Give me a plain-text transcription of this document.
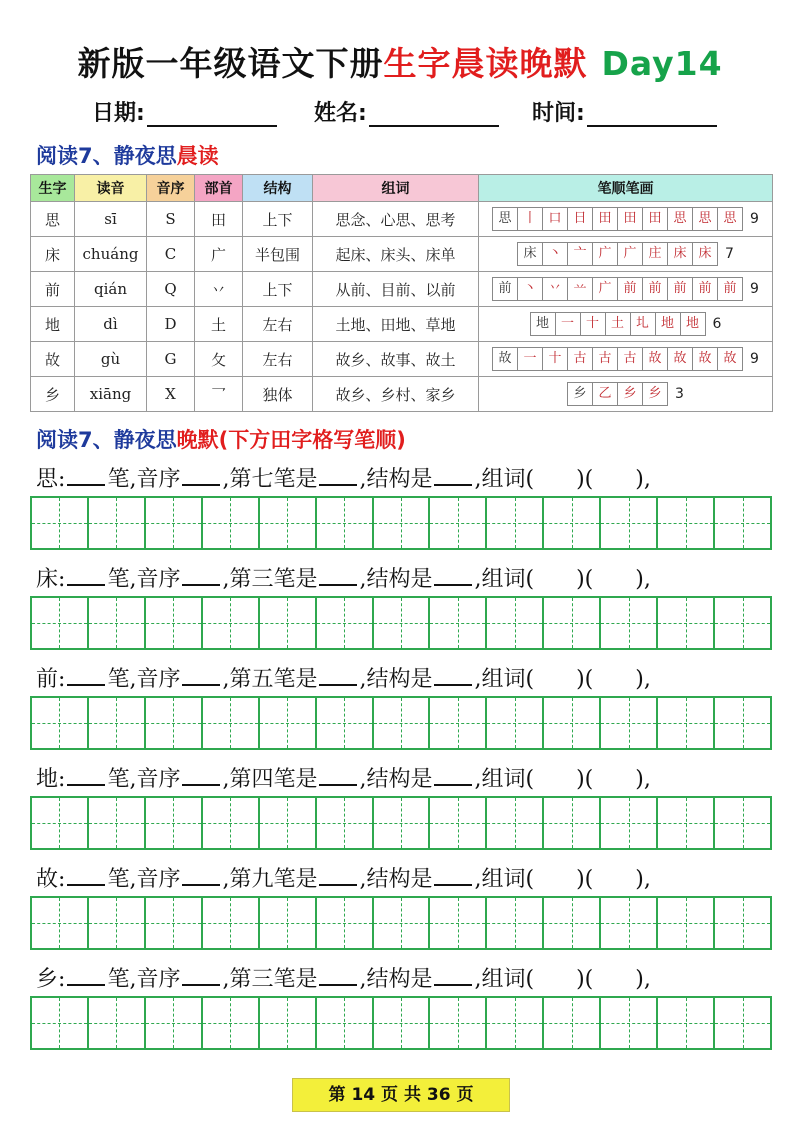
新版一年级语文下册生字晨读晚默 Day14
日期:	姓名:	时间:
阅读7、静夜思晨读
生字	读音	音序	部首	结构	组词	笔顺笔画
思	sī	S	田	上下	思念、心思、思考	思 丨 口 日 田 田 田 思 思 思 9
床	chuáng	C	广	半包围	起床、床头、床单	床 丶 亠 广 广 庄 床 床 7
前	qián	Q	丷	上下	从前、目前、以前	前 丶 丷 䒑 广 前 前 前 前 前 9
地	dì	D	土	左右	土地、田地、草地	地 一 十 土 圠 地 地 6
故	gù	G	攵	左右	故乡、故事、故土	故 一 十 古 古 古 故 故 故 故 9
乡	xiāng	X	乛	独体	故乡、乡村、家乡	乡 乙 乡 乡 3
阅读7、静夜思晚默(下方田字格写笔顺)
思: 笔,音序 ,第七笔是 ,结构是 ,组词( )( ),
床: 笔,音序 ,第三笔是 ,结构是 ,组词( )( ),
前: 笔,音序 ,第五笔是 ,结构是 ,组词( )( ),
地: 笔,音序 ,第四笔是 ,结构是 ,组词( )( ),
故: 笔,音序 ,第九笔是 ,结构是 ,组词( )( ),
乡: 笔,音序 ,第三笔是 ,结构是 ,组词( )( ),
第 14 页 共 36 页
